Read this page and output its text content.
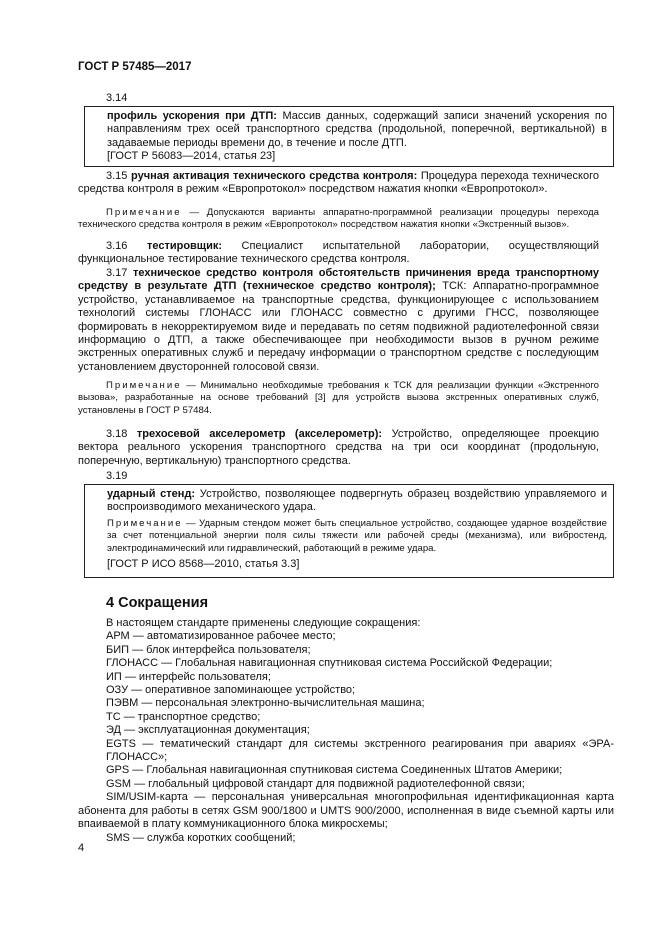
ГОСТ Р 57485—2017
3.14

профиль ускорения при ДТП: Массив данных, содержащий записи значений ускорения по направлениям трех осей транспортного средства (продольной, поперечной, вертикальной) в задаваемые периоды времени до, в течение и после ДТП.

[ГОСТ Р 56083—2014, статья 23]

3.15 ручная активация технического средства контроля: Процедура перехода технического средства контроля в режим «Европротокол» посредством нажатия кнопки «Европротокол».

Примечание — Допускаются варианты аппаратно-программной реализации процедуры перехода технического средства контроля в режим «Европротокол» посредством нажатия кнопки «Экстренный вызов».

3.16 тестировщик: Специалист испытательной лаборатории, осуществляющий функциональное тестирование технического средства контроля.

3.17 техническое средство контроля обстоятельств причинения вреда транспортному средству в результате ДТП (техническое средство контроля); ТСК: Аппаратно-программное устройство, устанавливаемое на транспортные средства, функционирующее с использованием технологий системы ГЛОНАСС или ГЛОНАСС совместно с другими ГНСС, позволяющее формировать в некорректируемом виде и передавать по сетям подвижной радиотелефонной связи информацию о ДТП, а также обеспечивающее при необходимости вызов в ручном режиме экстренных оперативных служб и передачу информации о транспортном средстве с последующим установлением двусторонней голосовой связи.

Примечание — Минимально необходимые требования к ТСК для реализации функции «Экстренного вызова», разработанные на основе требований [3] для устройств вызова экстренных оперативных служб, установлены в ГОСТ Р 57484.

3.18 трехосевой акселерометр (акселерометр): Устройство, определяющее проекцию вектора реального ускорения транспортного средства на три оси координат (продольную, поперечную, вертикальную) транспортного средства.

3.19

ударный стенд: Устройство, позволяющее подвергнуть образец воздействию управляемого и воспроизводимого механического удара.

Примечание — Ударным стендом может быть специальное устройство, создающее ударное воздействие за счет потенциальной энергии поля силы тяжести или рабочей среды (механизма), или вибростенд, электродинамический или гидравлический, работающий в режиме удара.

[ГОСТ Р ИСО 8568—2010, статья 3.3]

4 Сокращения
В настоящем стандарте применены следующие сокращения:
АРМ — автоматизированное рабочее место;
БИП — блок интерфейса пользователя;
ГЛОНАСС — Глобальная навигационная спутниковая система Российской Федерации;
ИП — интерфейс пользователя;
ОЗУ — оперативное запоминающее устройство;
ПЭВМ — персональная электронно-вычислительная машина;
ТС — транспортное средство;
ЭД — эксплуатационная документация;
EGTS — тематический стандарт для системы экстренного реагирования при авариях «ЭРА-ГЛОНАСС»;
GPS — Глобальная навигационная спутниковая система Соединенных Штатов Америки;
GSM — глобальный цифровой стандарт для подвижной радиотелефонной связи;
SIM/USIM-карта — персональная универсальная многопрофильная идентификационная карта абонента для работы в сетях GSM 900/1800 и UMTS 900/2000, исполненная в виде съемной карты или впаиваемой в плату коммуникационного блока микросхемы;
SMS — служба коротких сообщений;
4
